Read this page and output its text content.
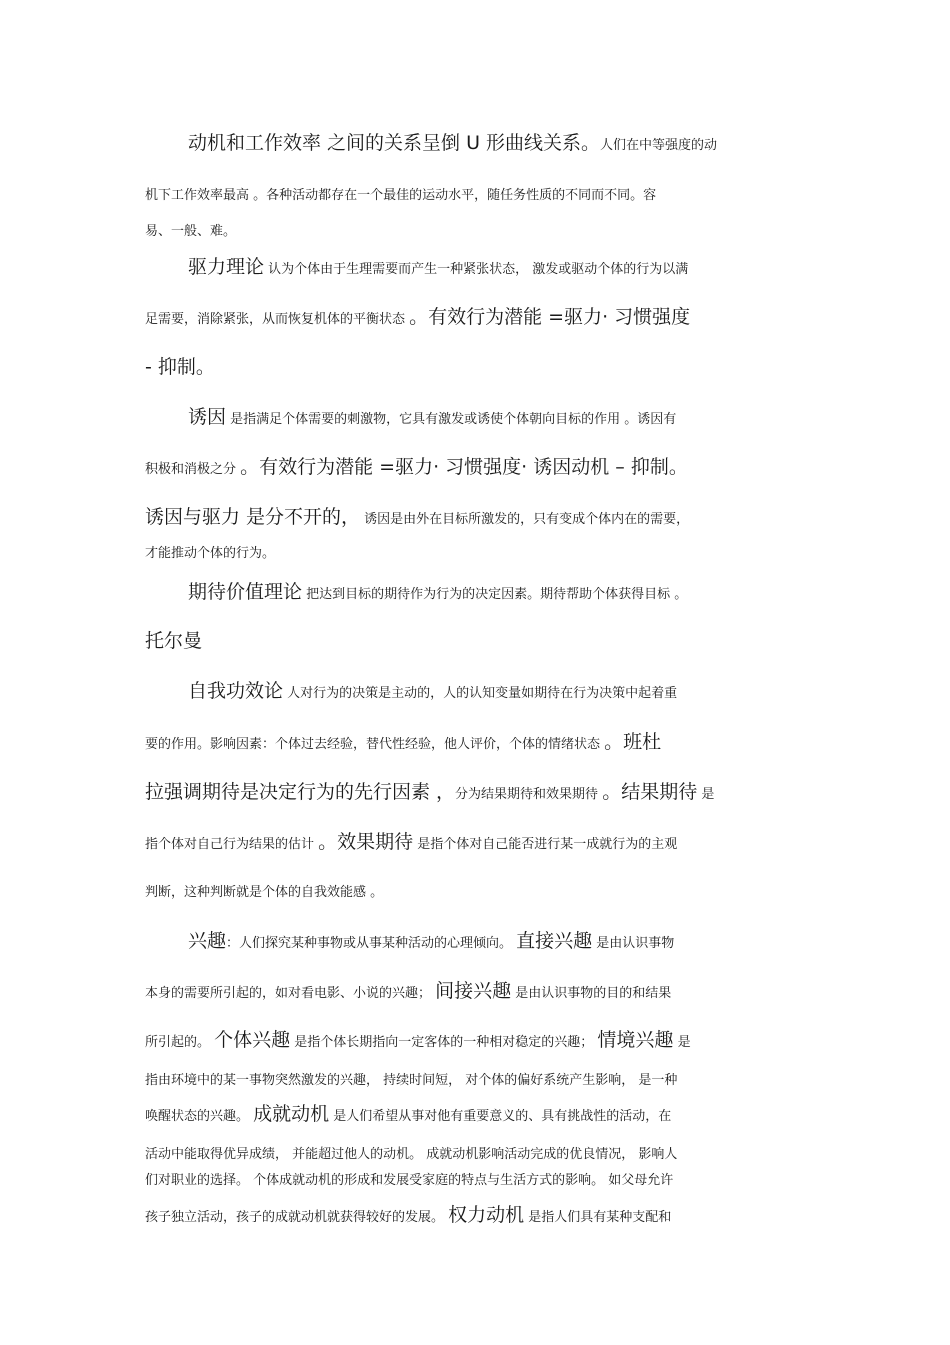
动机和工作效率 之间的关系呈倒 U 形曲线关系。人们在中等强度的动
机下工作效率最高 。各种活动都存在一个最佳的运动水平，随任务性质的不同而不同。容
易、一般、难。
驱力理论 认为个体由于生理需要而产生一种紧张状态， 激发或驱动个体的行为以满
足需要，消除紧张，从而恢复机体的平衡状态 。有效行为潜能 =驱力· 习惯强度
- 抑制。
诱因 是指满足个体需要的刺激物，它具有激发或诱使个体朝向目标的作用 。诱因有
积极和消极之分 。有效行为潜能 =驱力· 习惯强度· 诱因动机 – 抑制。
诱因与驱力 是分不开的， 诱因是由外在目标所激发的，只有变成个体内在的需要，
才能推动个体的行为。
期待价值理论 把达到目标的期待作为行为的决定因素。期待帮助个体获得目标 。
托尔曼
自我功效论 人对行为的决策是主动的，人的认知变量如期待在行为决策中起着重
要的作用。影响因素：个体过去经验，替代性经验，他人评价，个体的情绪状态 。班杜
拉强调期待是决定行为的先行因素 ，分为结果期待和效果期待 。结果期待 是
指个体对自己行为结果的估计 。效果期待 是指个体对自己能否进行某一成就行为的主观
判断，这种判断就是个体的自我效能感 。
兴趣：人们探究某种事物或从事某种活动的心理倾向。 直接兴趣 是由认识事物
本身的需要所引起的，如对看电影、小说的兴趣； 间接兴趣 是由认识事物的目的和结果
所引起的。 个体兴趣 是指个体长期指向一定客体的一种相对稳定的兴趣； 情境兴趣 是
指由环境中的某一事物突然激发的兴趣， 持续时间短， 对个体的偏好系统产生影响， 是一种
唤醒状态的兴趣。 成就动机 是人们希望从事对他有重要意义的、具有挑战性的活动，在
活动中能取得优异成绩， 并能超过他人的动机。 成就动机影响活动完成的优良情况， 影响人
们对职业的选择。 个体成就动机的形成和发展受家庭的特点与生活方式的影响。 如父母允许
孩子独立活动，孩子的成就动机就获得较好的发展。 权力动机 是指人们具有某种支配和
